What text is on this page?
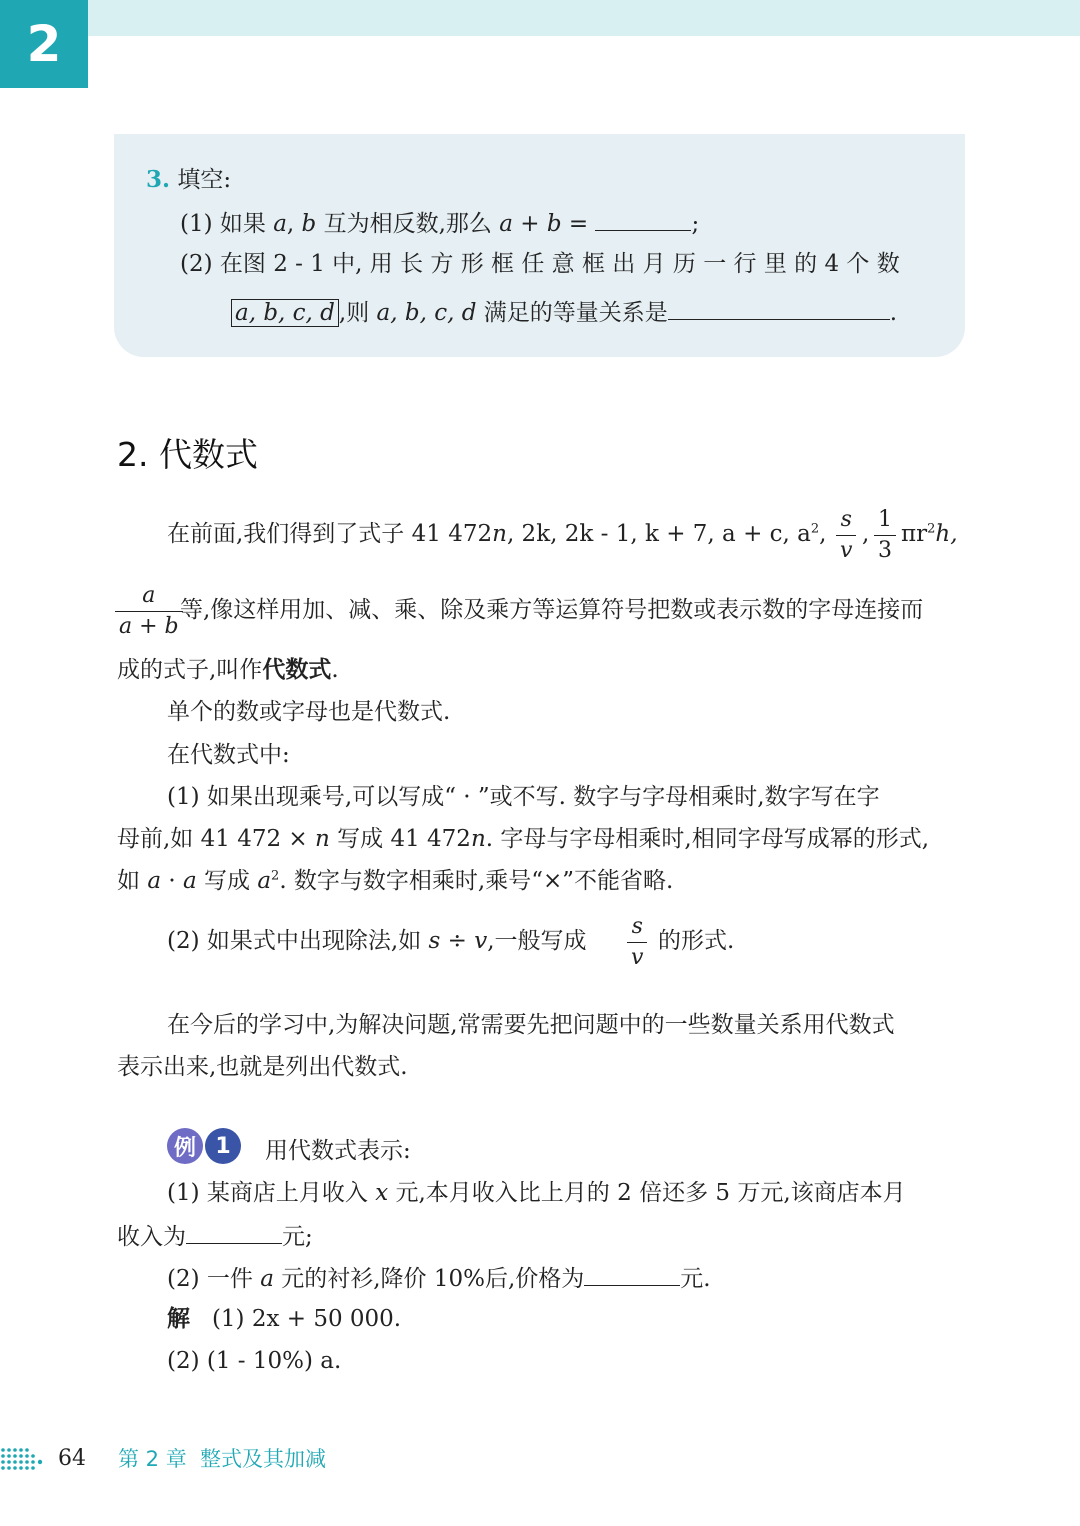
2
3. 填空:
(1) 如果 a, b 互为相反数,那么 a + b =	;
(2) 在图 2 - 1 中, 用 长 方 形 框 任 意 框 出 月 历 一 行 里 的 4 个 数
a, b, c, d ,则 a, b, c, d 满足的等量关系是	.
2. 代数式
在前面,我们得到了式子 41 472n, 2k, 2k - 1, k + 7, a + c, $a^2$, $\frac{s}{v}$ , $\frac{1}{3} \pi r^2h$,
$\frac{a}{a + b}$
等,像这样用加、减、乘、除及乘方等运算符号把数或表示数的字母连接而
成的式子,叫作代数式.
单个的数或字母也是代数式.
在代数式中:
(1) 如果出现乘号,可以写成“ · ”或不写. 数字与字母相乘时,数字写在字
母前,如 41 472 × n 写成 41 472n. 字母与字母相乘时,相同字母写成幂的形式,
如 a · a 写成 $a^2$. 数字与数字相乘时,乘号“×”不能省略.
(2) 如果式中出现除法,如 s ÷ v,一般写成 $\frac{s}{v}$ 的形式.
在今后的学习中,为解决问题,常需要先把问题中的一些数量关系用代数式
表示出来,也就是列出代数式.
例 1	用代数式表示:
(1) 某商店上月收入 x 元,本月收入比上月的 2 倍还多 5 万元,该商店本月
收入为	元;
(2) 一件 a 元的衬衫,降价 10%后,价格为	元.
解 (1) 2x + 50 000.
(2) (1 - 10%) a.
64 第 2 章 整式及其加减
